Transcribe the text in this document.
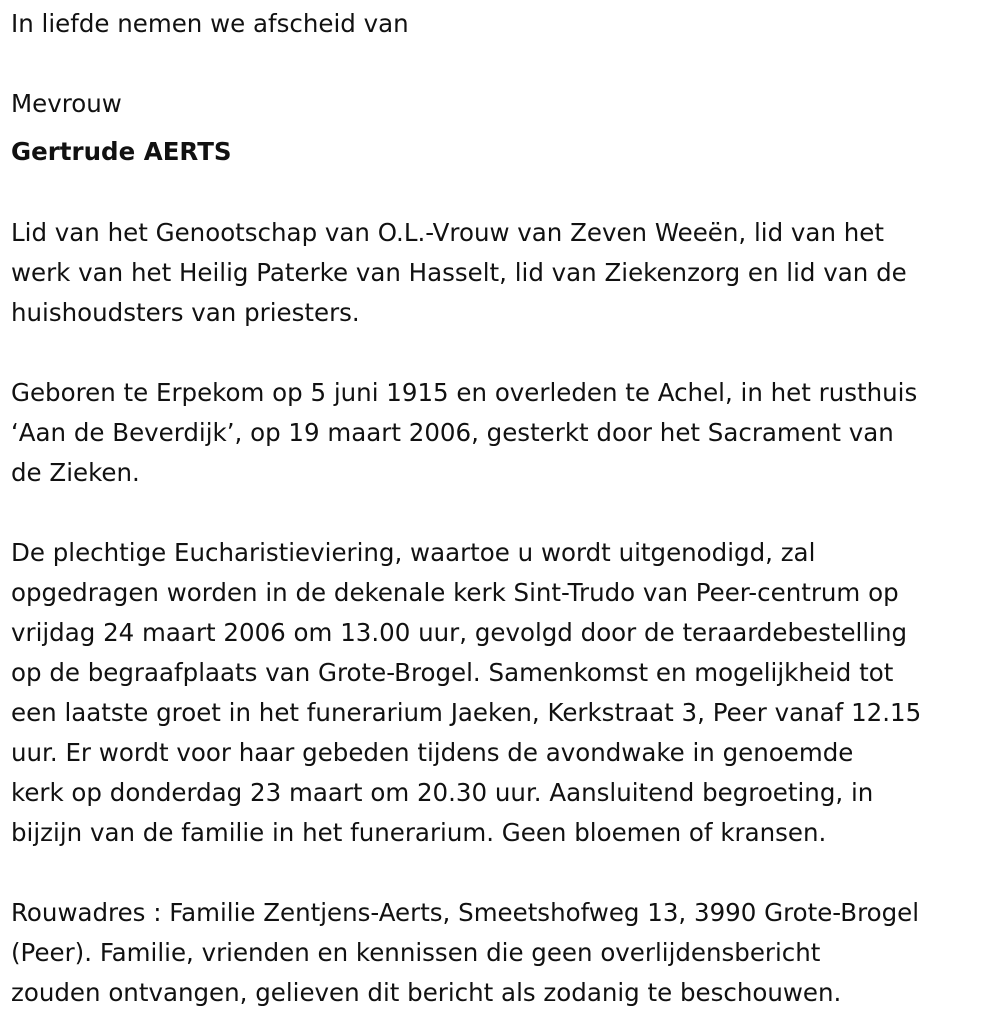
In liefde nemen we afscheid van

Mevrouw

Gertrude AERTS

Lid van het Genootschap van O.L.-Vrouw van Zeven Weeën, lid van het

werk van het Heilig Paterke van Hasselt, lid van Ziekenzorg en lid van de

huishoudsters van priesters.

Geboren te Erpekom op 5 juni 1915 en overleden te Achel, in het rusthuis

‘Aan de Beverdijk’, op 19 maart 2006, gesterkt door het Sacrament van

de Zieken.

De plechtige Eucharistieviering, waartoe u wordt uitgenodigd, zal

opgedragen worden in de dekenale kerk Sint-Trudo van Peer-centrum op

vrijdag 24 maart 2006 om 13.00 uur, gevolgd door de teraardebestelling

op de begraafplaats van Grote-Brogel. Samenkomst en mogelijkheid tot

een laatste groet in het funerarium Jaeken, Kerkstraat 3, Peer vanaf 12.15

uur. Er wordt voor haar gebeden tijdens de avondwake in genoemde

kerk op donderdag 23 maart om 20.30 uur. Aansluitend begroeting, in

bijzijn van de familie in het funerarium. Geen bloemen of kransen.

Rouwadres : Familie Zentjens-Aerts, Smeetshofweg 13, 3990 Grote-Brogel

(Peer). Familie, vrienden en kennissen die geen overlijdensbericht

zouden ontvangen, gelieven dit bericht als zodanig te beschouwen.
